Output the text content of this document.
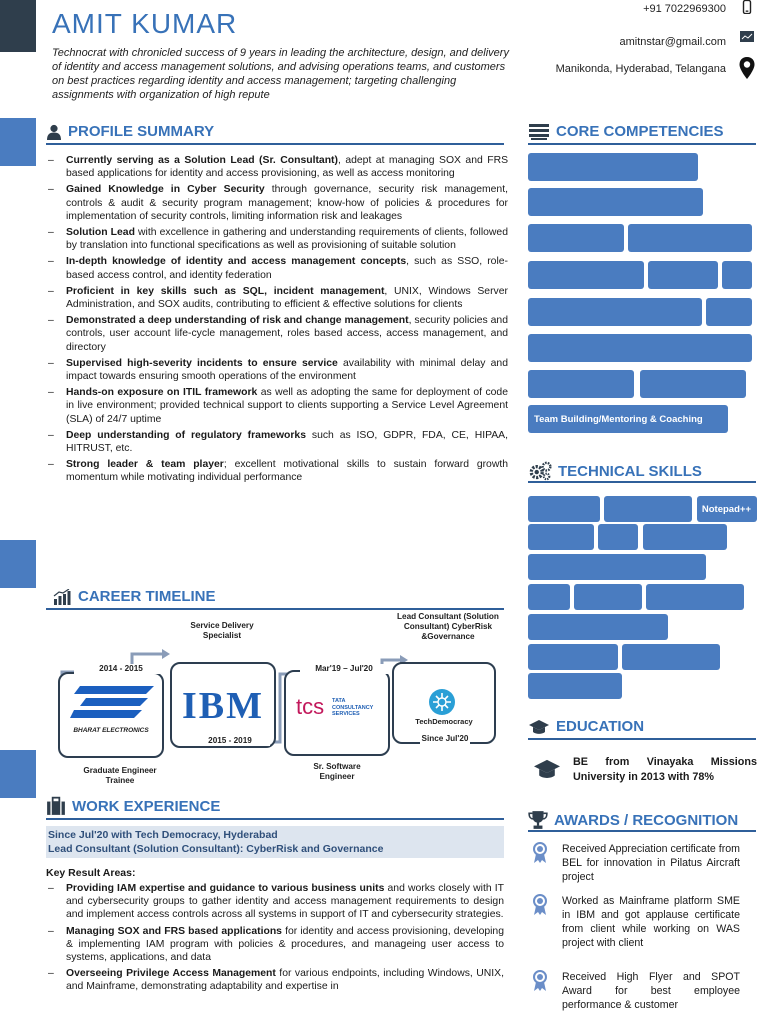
AMIT KUMAR
Technocrat with chronicled success of 9 years in leading the architecture, design, and delivery of identity and access management solutions, and advising operations teams, and customers on best practices regarding identity and access management; targeting challenging assignments with organization of high repute
+91 7022969300
amitnstar@gmail.com
Manikonda, Hyderabad, Telangana
PROFILE SUMMARY
– Currently serving as a Solution Lead (Sr. Consultant), adept at managing SOX and FRS based applications for identity and access provisioning, as well as access monitoring
– Gained Knowledge in Cyber Security through governance, security risk management, controls & audit & security program management; know-how of policies & procedures for implementation of security controls, limiting information risk and leakages
– Solution Lead with excellence in gathering and understanding requirements of clients, followed by translation into functional specifications as well as provisioning of suitable solution
– In-depth knowledge of identity and access management concepts, such as SSO, role-based access control, and identity federation
– Proficient in key skills such as SQL, incident management, UNIX, Windows Server Administration, and SOX audits, contributing to efficient & effective solutions for clients
– Demonstrated a deep understanding of risk and change management, security policies and controls, user account life-cycle management, roles based access, access management, and directory
– Supervised high-severity incidents to ensure service availability with minimal delay and impact towards ensuring smooth operations of the environment
– Hands-on exposure on ITIL framework as well as adopting the same for deployment of code in live environment; provided technical support to clients supporting a Service Level Agreement (SLA) of 24/7 uptime
– Deep understanding of regulatory frameworks such as ISO, GDPR, FDA, CE, HIPAA, HITRUST, etc.
– Strong leader & team player; excellent motivational skills to sustain forward growth momentum while motivating individual performance
CAREER TIMELINE
2014 - 2015
BHARAT ELECTRONICS
Graduate Engineer Trainee
Service Delivery Specialist
IBM
2015 - 2019
Mar'19 – Jul'20
tcs TATA CONSULTANCY SERVICES
Sr. Software Engineer
Lead Consultant (Solution Consultant) CyberRisk &Governance
TechDemocracy
Since Jul'20
WORK EXPERIENCE
Since Jul'20 with Tech Democracy, Hyderabad
Lead Consultant (Solution Consultant): CyberRisk and Governance
Key Result Areas:
– Providing IAM expertise and guidance to various business units and works closely with IT and cybersecurity groups to gather identity and access management requirements to design and implement access controls across all systems in support of IT and cybersecurity strategies.
– Managing SOX and FRS based applications for identity and access provisioning, developing & implementing IAM program with policies & procedures, and manageing user access to systems, applications, and data
– Overseeing Privilege Access Management for various endpoints, including Windows, UNIX, and Mainframe, demonstrating adaptability and expertise in
CORE COMPETENCIES
Team Building/Mentoring & Coaching
TECHNICAL SKILLS
Notepad++
EDUCATION
BE from Vinayaka Missions University in 2013 with 78%
AWARDS / RECOGNITION
Received Appreciation certificate from BEL for innovation in Pilatus Aircraft project
Worked as Mainframe platform SME in IBM and got applause certificate from client while working on WAS project with client
Received High Flyer and SPOT Award for best employee performance & customer
